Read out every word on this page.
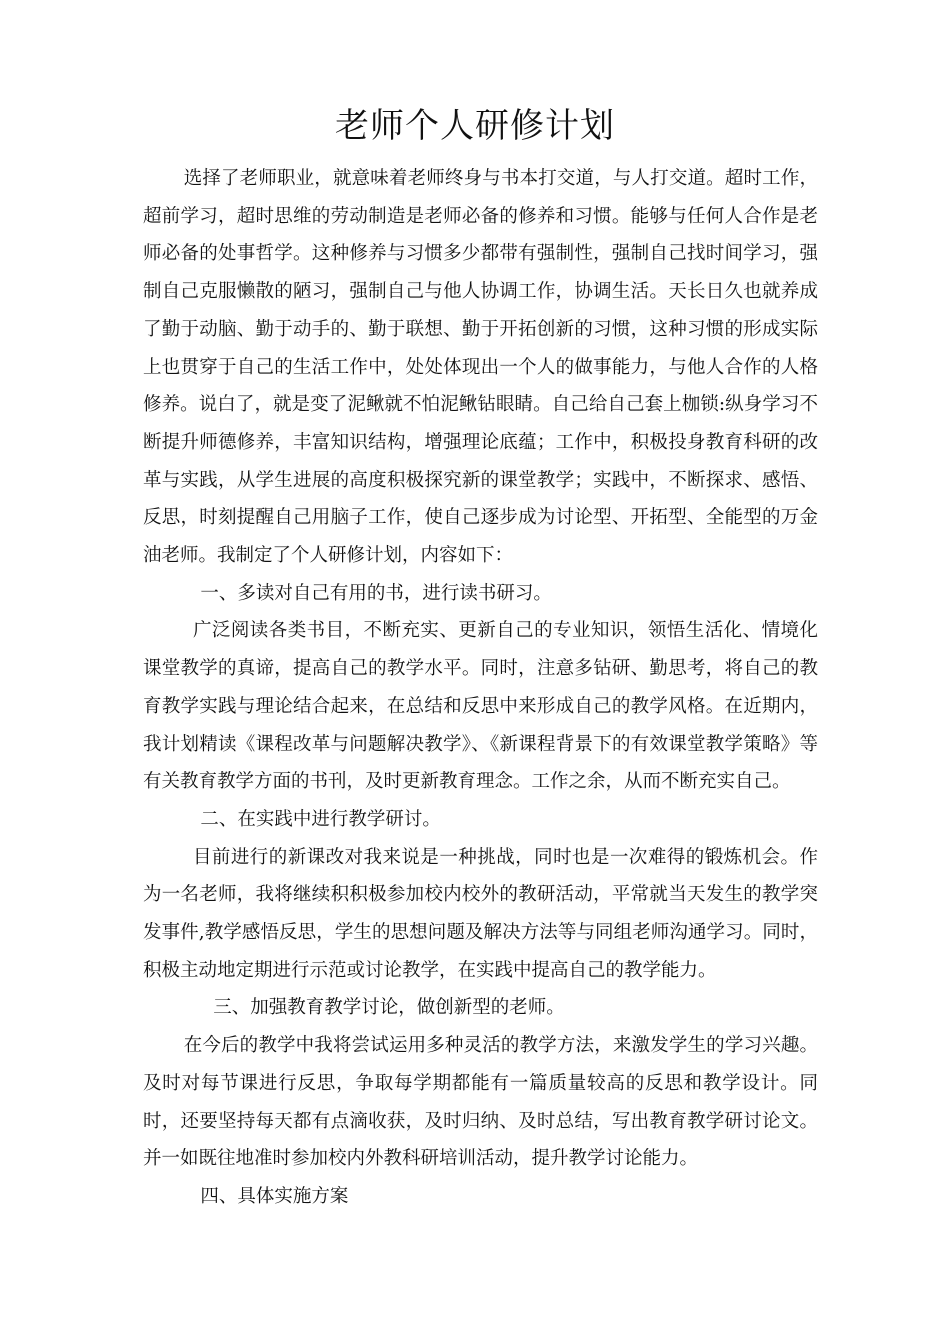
老师个人研修计划

选择了老师职业，就意味着老师终身与书本打交道，与人打交道。超时工作，超前学习，超时思维的劳动制造是老师必备的修养和习惯。能够与任何人合作是老师必备的处事哲学。这种修养与习惯多少都带有强制性，强制自己找时间学习，强制自己克服懒散的陋习，强制自己与他人协调工作，协调生活。天长日久也就养成了勤于动脑、勤于动手的、勤于联想、勤于开拓创新的习惯，这种习惯的形成实际上也贯穿于自己的生活工作中，处处体现出一个人的做事能力，与他人合作的人格修养。说白了，就是变了泥鳅就不怕泥鳅钻眼睛。自己给自己套上枷锁:纵身学习不断提升师德修养，丰富知识结构，增强理论底蕴；工作中，积极投身教育科研的改革与实践，从学生进展的高度积极探究新的课堂教学；实践中，不断探求、感悟、反思，时刻提醒自己用脑子工作，使自己逐步成为讨论型、开拓型、全能型的万金油老师。我制定了个人研修计划，内容如下：

一、多读对自己有用的书，进行读书研习。

广泛阅读各类书目，不断充实、更新自己的专业知识，领悟生活化、情境化课堂教学的真谛，提高自己的教学水平。同时，注意多钻研、勤思考，将自己的教育教学实践与理论结合起来，在总结和反思中来形成自己的教学风格。在近期内，我计划精读《课程改革与问题解决教学》、《新课程背景下的有效课堂教学策略》等有关教育教学方面的书刊，及时更新教育理念。工作之余，从而不断充实自己。

二、在实践中进行教学研讨。

目前进行的新课改对我来说是一种挑战，同时也是一次难得的锻炼机会。作为一名老师，我将继续积积极参加校内校外的教研活动，平常就当天发生的教学突发事件,教学感悟反思，学生的思想问题及解决方法等与同组老师沟通学习。同时，积极主动地定期进行示范或讨论教学，在实践中提高自己的教学能力。

三、加强教育教学讨论，做创新型的老师。

在今后的教学中我将尝试运用多种灵活的教学方法，来激发学生的学习兴趣。及时对每节课进行反思，争取每学期都能有一篇质量较高的反思和教学设计。同时，还要坚持每天都有点滴收获，及时归纳、及时总结，写出教育教学研讨论文。并一如既往地准时参加校内外教科研培训活动，提升教学讨论能力。

四、具体实施方案
